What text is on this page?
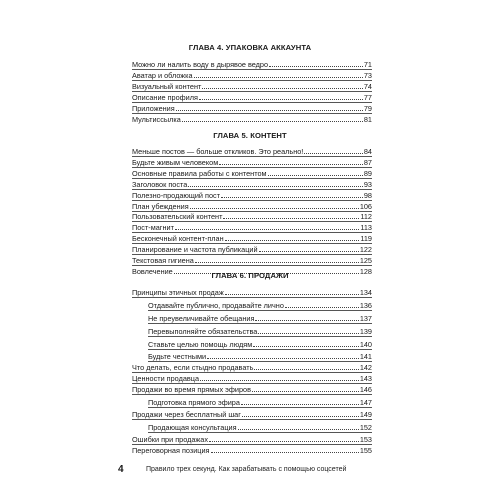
ГЛАВА 4. УПАКОВКА АККАУНТА
Можно ли налить воду в дырявое ведро	71
Аватар и обложка	73
Визуальный контент	74
Описание профиля	77
Приложения	79
Мультиссылка	81
ГЛАВА 5. КОНТЕНТ
Меньше постов — больше откликов. Это реально!	84
Будьте живым человеком	87
Основные правила работы с контентом	89
Заголовок поста	93
Полезно-продающий пост	98
План убеждения	106
Пользовательский контент	112
Пост-магнит	113
Бесконечный контент-план	119
Планирование и частота публикаций	122
Текстовая гигиена	125
Вовлечение	128
ГЛАВА 6. ПРОДАЖИ
Принципы этичных продаж	134
Отдавайте публично, продавайте лично	136
Не преувеличивайте обещания	137
Перевыполняйте обязательства	139
Ставьте целью помощь людям	140
Будьте честными	141
Что делать, если стыдно продавать	142
Ценности продавца	143
Продажи во время прямых эфиров	146
Подготовка прямого эфира	147
Продажи через бесплатный шаг	149
Продающая консультация	152
Ошибки при продажах	153
Переговорная позиция	155
4	Правило трех секунд. Как зарабатывать с помощью соцсетей
